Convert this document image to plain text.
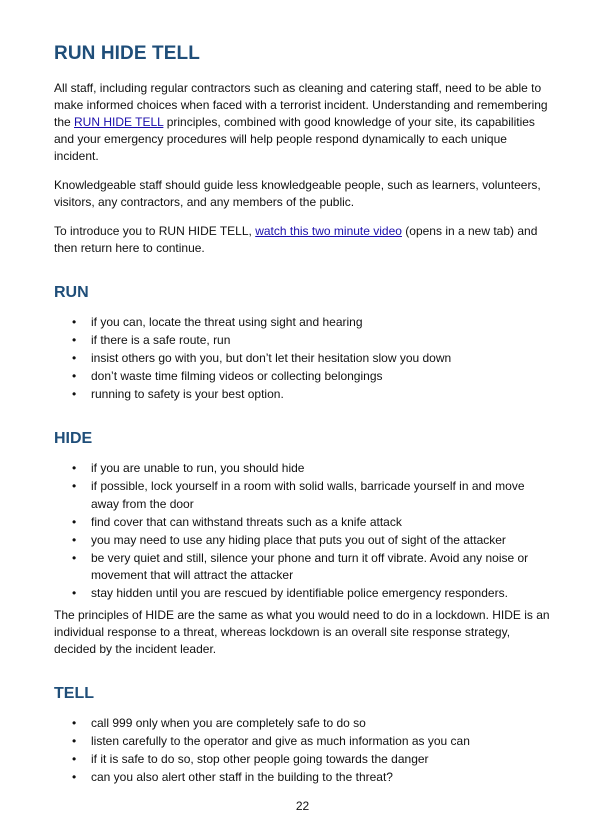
RUN HIDE TELL

All staff, including regular contractors such as cleaning and catering staff, need to be able to make informed choices when faced with a terrorist incident. Understanding and remembering the RUN HIDE TELL principles, combined with good knowledge of your site, its capabilities and your emergency procedures will help people respond dynamically to each unique incident.

Knowledgeable staff should guide less knowledgeable people, such as learners, volunteers, visitors, any contractors, and any members of the public.

To introduce you to RUN HIDE TELL, watch this two minute video (opens in a new tab) and then return here to continue.

RUN
• if you can, locate the threat using sight and hearing
• if there is a safe route, run
• insist others go with you, but don’t let their hesitation slow you down
• don’t waste time filming videos or collecting belongings
• running to safety is your best option.
HIDE
• if you are unable to run, you should hide
• if possible, lock yourself in a room with solid walls, barricade yourself in and move away from the door
• find cover that can withstand threats such as a knife attack
• you may need to use any hiding place that puts you out of sight of the attacker
• be very quiet and still, silence your phone and turn it off vibrate. Avoid any noise or movement that will attract the attacker
• stay hidden until you are rescued by identifiable police emergency responders.

The principles of HIDE are the same as what you would need to do in a lockdown. HIDE is an individual response to a threat, whereas lockdown is an overall site response strategy, decided by the incident leader.

TELL
• call 999 only when you are completely safe to do so
• listen carefully to the operator and give as much information as you can
• if it is safe to do so, stop other people going towards the danger
• can you also alert other staff in the building to the threat?
22
